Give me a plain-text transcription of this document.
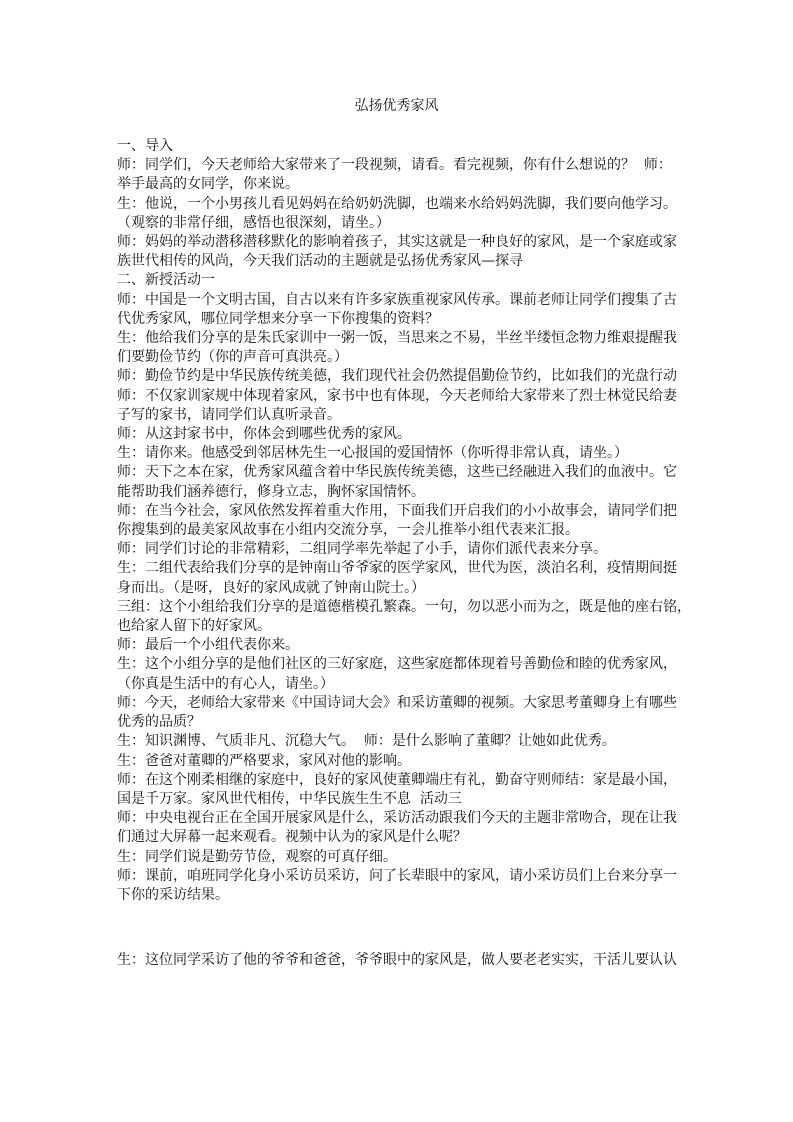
弘扬优秀家风
· · ·

一、导入

师：同学们，今天老师给大家带来了一段视频，请看。看完视频，你有什么想说的？  师：

举手最高的女同学，你来说。

生：他说，一个小男孩儿看见妈妈在给奶奶洗脚，也端来水给妈妈洗脚，我们要向他学习。

（观察的非常仔细，感悟也很深刻，请坐。）

师：妈妈的举动潜移潜移默化的影响着孩子，其实这就是一种良好的家风，是一个家庭或家

族世代相传的风尚，今天我们活动的主题就是弘扬优秀家风—探寻

二、新授活动一

师：中国是一个文明古国，自古以来有许多家族重视家风传承。课前老师让同学们搜集了古

代优秀家风，哪位同学想来分享一下你搜集的资料？

生：他给我们分享的是朱氏家训中一粥一饭，当思来之不易，半丝半缕恒念物力维艰提醒我

们要勤俭节约（你的声音可真洪亮。）

师：勤俭节约是中华民族传统美德，我们现代社会仍然提倡勤俭节约，比如我们的光盘行动

师：不仅家训家规中体现着家风，家书中也有体现，今天老师给大家带来了烈士林觉民给妻

子写的家书，请同学们认真听录音。

师：从这封家书中，你体会到哪些优秀的家风。

生：请你来。他感受到邻居林先生一心报国的爱国情怀（你听得非常认真，请坐。）

师：天下之本在家，优秀家风蕴含着中华民族传统美德，这些已经融进入我们的血液中。它

能帮助我们涵养德行，修身立志，胸怀家国情怀。

师：在当今社会，家风依然发挥着重大作用，下面我们开启我们的小小故事会，请同学们把

你搜集到的最美家风故事在小组内交流分享，一会儿推举小组代表来汇报。

师：同学们讨论的非常精彩，二组同学率先举起了小手，请你们派代表来分享。

生：二组代表给我们分享的是钟南山爷爷家的医学家风，世代为医，淡泊名利，疫情期间挺

身而出。（是呀，良好的家风成就了钟南山院士。）

三组：这个小组给我们分享的是道德楷模孔繁森。一句，勿以恶小而为之，既是他的座右铭，

也给家人留下的好家风。

师：最后一个小组代表你来。

生：这个小组分享的是他们社区的三好家庭，这些家庭都体现着号善勤俭和睦的优秀家风，

（你真是生活中的有心人，请坐。）

师：今天，老师给大家带来《中国诗词大会》和采访董卿的视频。大家思考董卿身上有哪些

优秀的品质？

生：知识渊博、气质非凡、沉稳大气。  师：是什么影响了董卿？让她如此优秀。

生：爸爸对董卿的严格要求，家风对他的影响。

师：在这个刚柔相继的家庭中，良好的家风使董卿端庄有礼，勤奋守则师结：家是最小国，

国是千万家。家风世代相传，中华民族生生不息  活动三

师：中央电视台正在全国开展家风是什么，采访活动跟我们今天的主题非常吻合，现在让我

们通过大屏幕一起来观看。视频中认为的家风是什么呢？

生：同学们说是勤劳节俭，观察的可真仔细。

师：课前，咱班同学化身小采访员采访，问了长辈眼中的家风，请小采访员们上台来分享一

下你的采访结果。

生：这位同学采访了他的爷爷和爸爸，爷爷眼中的家风是，做人要老老实实，干活儿要认认
